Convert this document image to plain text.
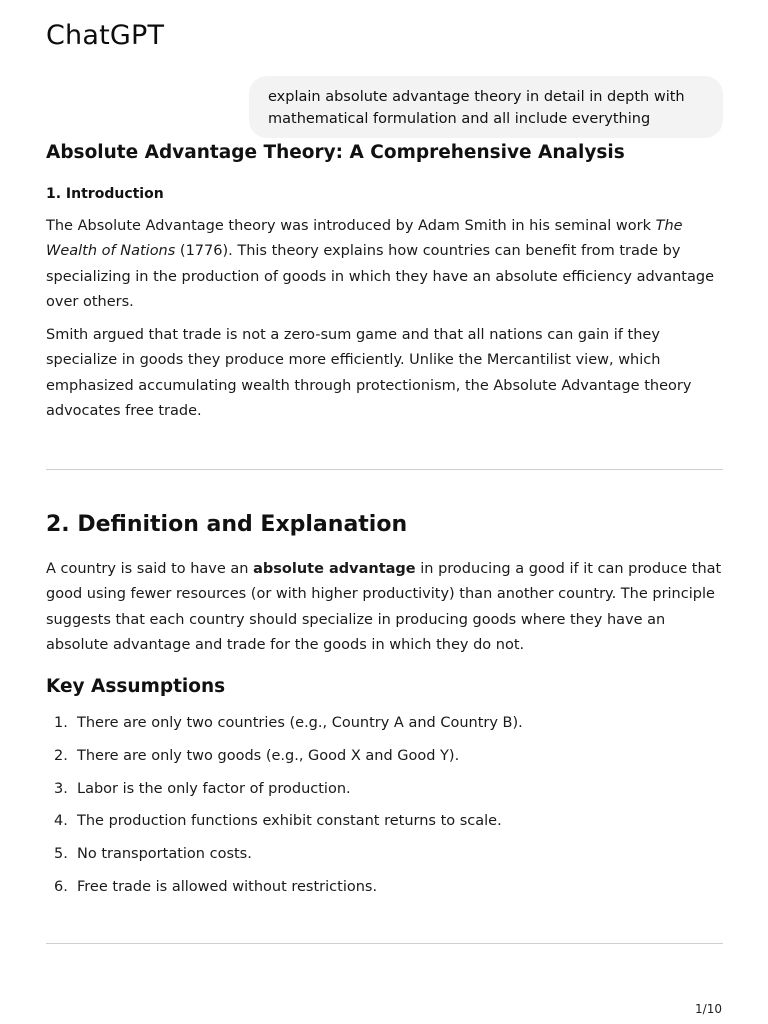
ChatGPT
explain absolute advantage theory in detail in depth with mathematical formulation and all include everything
Absolute Advantage Theory: A Comprehensive Analysis
1. Introduction

The Absolute Advantage theory was introduced by Adam Smith in his seminal work The Wealth of Nations (1776). This theory explains how countries can benefit from trade by specializing in the production of goods in which they have an absolute efficiency advantage over others.

Smith argued that trade is not a zero-sum game and that all nations can gain if they specialize in goods they produce more efficiently. Unlike the Mercantilist view, which emphasized accumulating wealth through protectionism, the Absolute Advantage theory advocates free trade.

2. Definition and Explanation

A country is said to have an absolute advantage in producing a good if it can produce that good using fewer resources (or with higher productivity) than another country. The principle suggests that each country should specialize in producing goods where they have an absolute advantage and trade for the goods in which they do not.

Key Assumptions
1. There are only two countries (e.g., Country A and Country B).
2. There are only two goods (e.g., Good X and Good Y).
3. Labor is the only factor of production.
4. The production functions exhibit constant returns to scale.
5. No transportation costs.
6. Free trade is allowed without restrictions.
1/10
